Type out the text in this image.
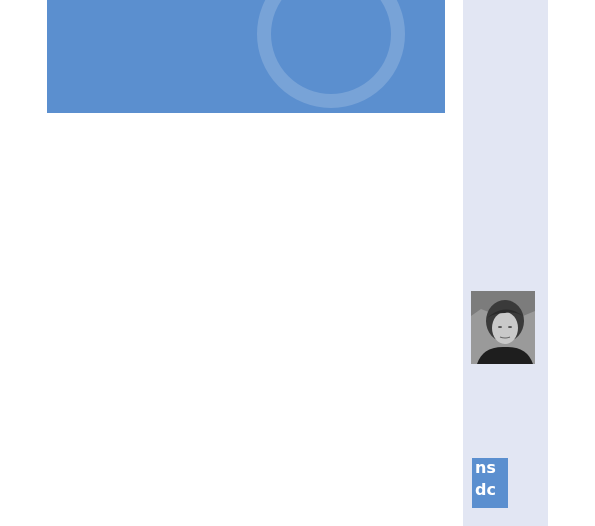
ns
dc
